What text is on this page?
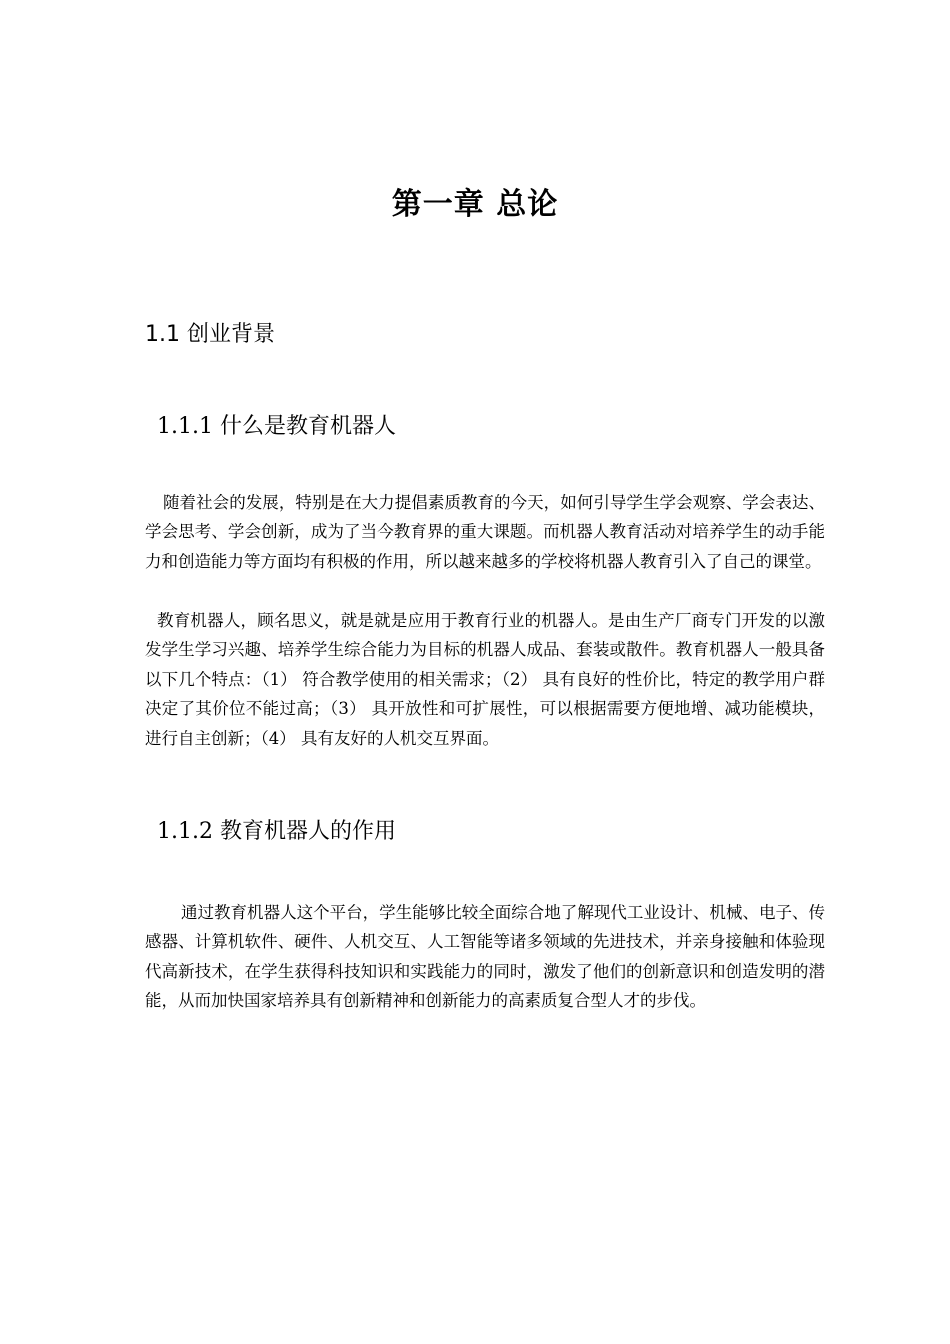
第一章 总论
1.1 创业背景
1.1.1 什么是教育机器人

随着社会的发展，特别是在大力提倡素质教育的今天，如何引导学生学会观察、学会表达、学会思考、学会创新，成为了当今教育界的重大课题。而机器人教育活动对培养学生的动手能力和创造能力等方面均有积极的作用，所以越来越多的学校将机器人教育引入了自己的课堂。

教育机器人，顾名思义，就是就是应用于教育行业的机器人。是由生产厂商专门开发的以激发学生学习兴趣、培养学生综合能力为目标的机器人成品、套装或散件。教育机器人一般具备以下几个特点：（1） 符合教学使用的相关需求；（2） 具有良好的性价比，特定的教学用户群决定了其价位不能过高；（3） 具开放性和可扩展性，可以根据需要方便地增、减功能模块，进行自主创新；（4） 具有友好的人机交互界面。

1.1.2 教育机器人的作用

通过教育机器人这个平台，学生能够比较全面综合地了解现代工业设计、机械、电子、传感器、计算机软件、硬件、人机交互、人工智能等诸多领域的先进技术，并亲身接触和体验现代高新技术，在学生获得科技知识和实践能力的同时，激发了他们的创新意识和创造发明的潜能，从而加快国家培养具有创新精神和创新能力的高素质复合型人才的步伐。
